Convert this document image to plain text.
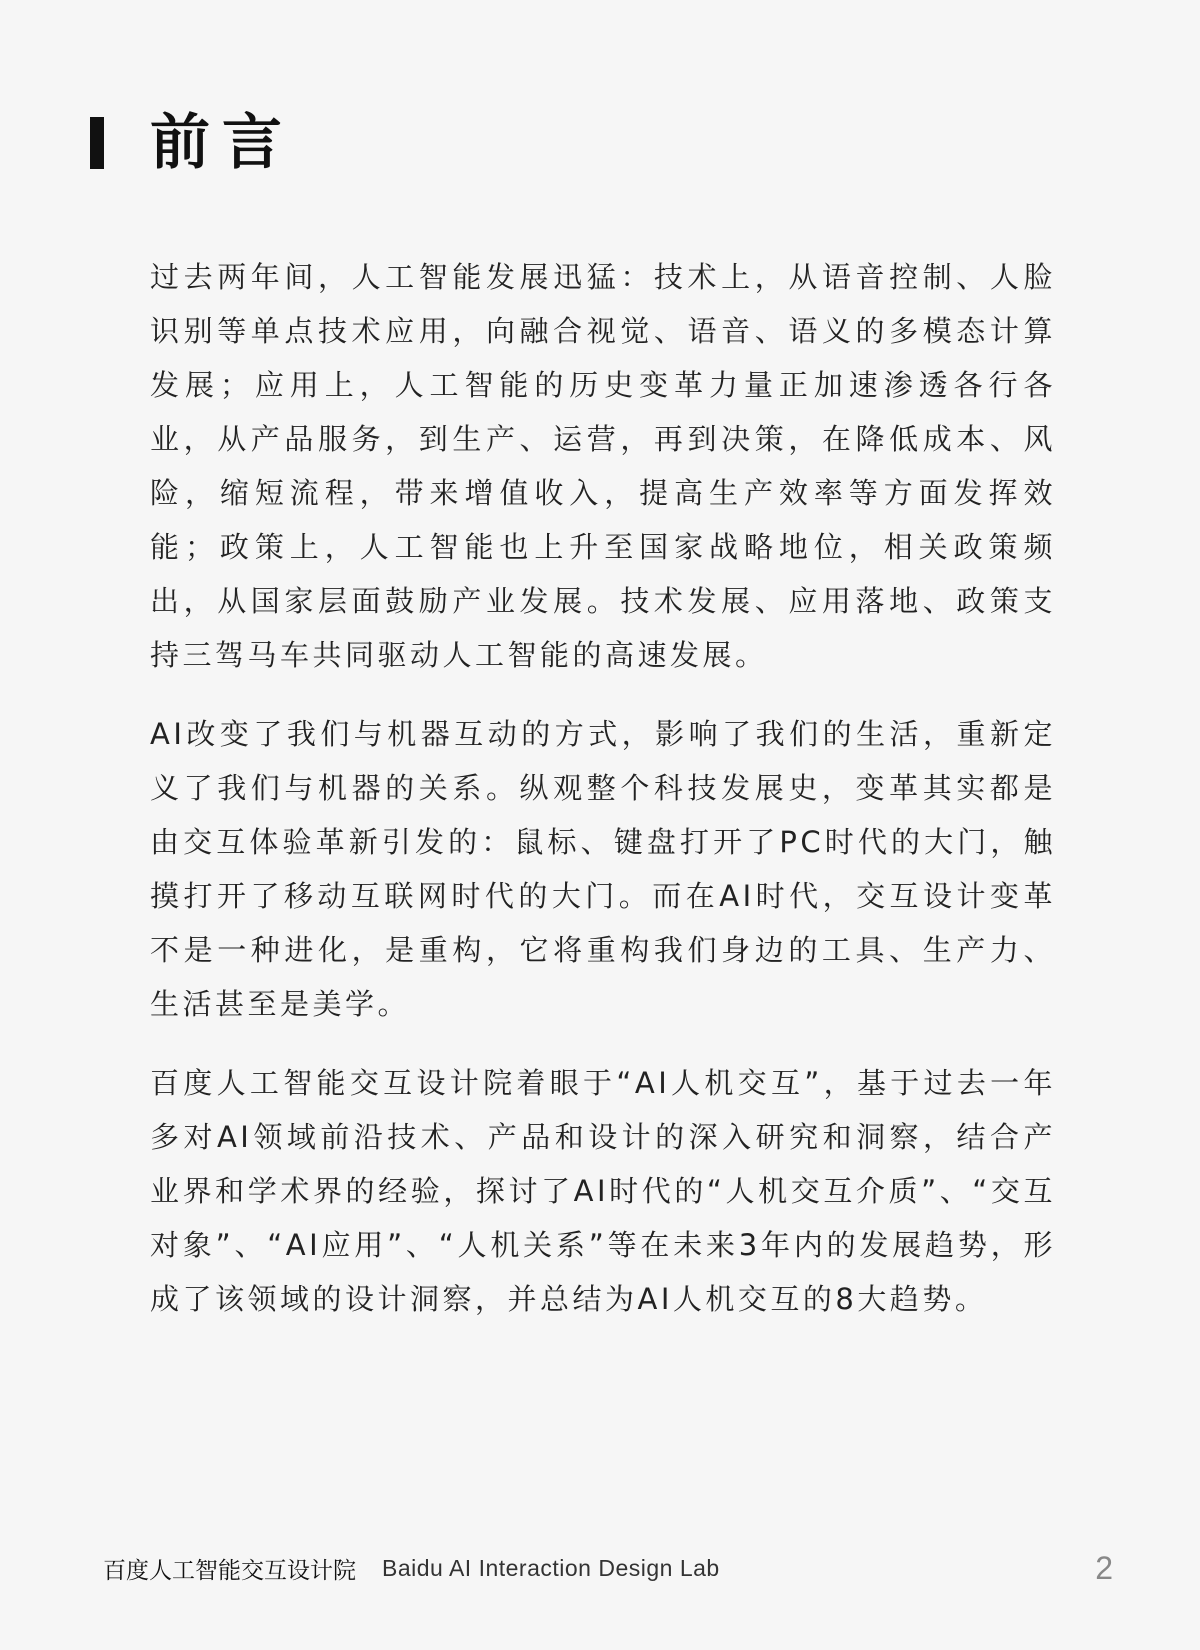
前言

过去两年间，人工智能发展迅猛：技术上，从语音控制、人脸识别等单点技术应用，向融合视觉、语音、语义的多模态计算发展；应用上，人工智能的历史变革力量正加速渗透各行各业，从产品服务，到生产、运营，再到决策，在降低成本、风险，缩短流程，带来增值收入，提高生产效率等方面发挥效能；政策上，人工智能也上升至国家战略地位，相关政策频出，从国家层面鼓励产业发展。技术发展、应用落地、政策支持三驾马车共同驱动人工智能的高速发展。

AI改变了我们与机器互动的方式，影响了我们的生活，重新定义了我们与机器的关系。纵观整个科技发展史，变革其实都是由交互体验革新引发的：鼠标、键盘打开了PC时代的大门，触摸打开了移动互联网时代的大门。而在AI时代，交互设计变革不是一种进化，是重构，它将重构我们身边的工具、生产力、生活甚至是美学。

百度人工智能交互设计院着眼于“AI人机交互”，基于过去一年多对AI领域前沿技术、产品和设计的深入研究和洞察，结合产业界和学术界的经验，探讨了AI时代的“人机交互介质”、“交互对象”、“AI应用”、“人机关系”等在未来3年内的发展趋势，形成了该领域的设计洞察，并总结为AI人机交互的8大趋势。

百度人工智能交互设计院 Baidu AI Interaction Design Lab	2
